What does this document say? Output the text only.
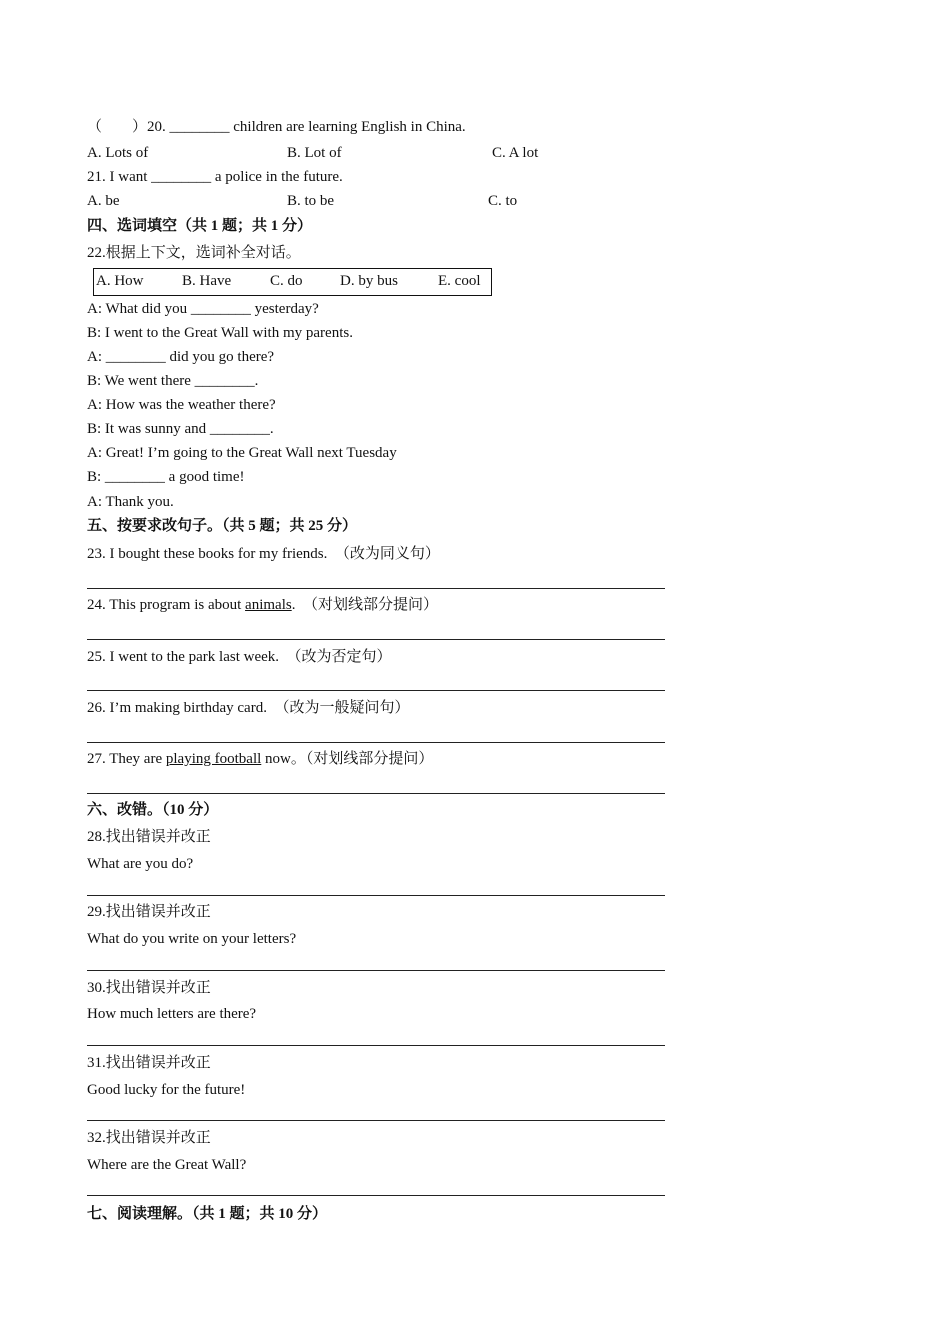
（        ）20. ________ children are learning English in China.
A. Lots of	B. Lot of	C. A lot
21. I want ________ a police in the future.
A. be	B. to be	C. to
四、选词填空（共 1 题；共 1 分）
22.根据上下文，选词补全对话。
A. How	B. Have	C. do D. by bus	E. cool
A: What did you ________ yesterday?
B: I went to the Great Wall with my parents.
A: ________ did you go there?
B: We went there ________.
A: How was the weather there?
B: It was sunny and ________.
A: Great! I’m going to the Great Wall next Tuesday
B: ________ a good time!
A: Thank you.
五、按要求改句子。（共 5 题；共 25 分）
23. I bought these books for my friends.  （改为同义句）
24. This program is about animals.  （对划线部分提问）
25. I went to the park last week.  （改为否定句）
26. I’m making birthday card.  （改为一般疑问句）
27. They are playing football now。（对划线部分提问）
六、改错。（10 分）
28.找出错误并改正
What are you do?
29.找出错误并改正
What do you write on your letters?
30.找出错误并改正
How much letters are there?
31.找出错误并改正
Good lucky for the future!
32.找出错误并改正
Where are the Great Wall?
七、阅读理解。（共 1 题；共 10 分）
